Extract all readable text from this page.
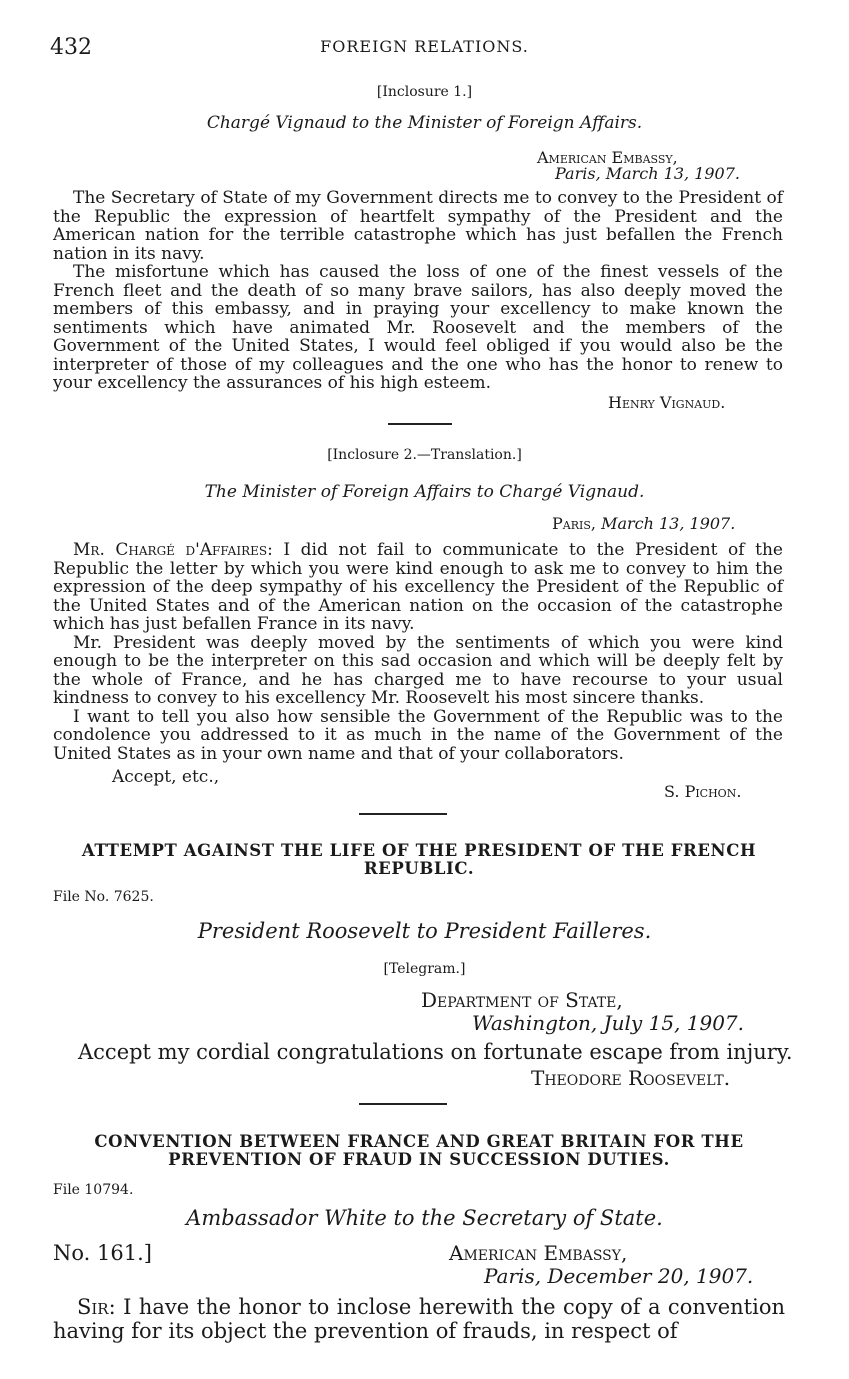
432	FOREIGN RELATIONS.
[Inclosure 1.]
Chargé Vignaud to the Minister of Foreign Affairs.
American Embassy,
Paris, March 13, 1907.

The Secretary of State of my Government directs me to convey to the President of the Republic the expression of heartfelt sympathy of the President and the American nation for the terrible catastrophe which has just befallen the French nation in its navy.

The misfortune which has caused the loss of one of the finest vessels of the French fleet and the death of so many brave sailors, has also deeply moved the members of this embassy, and in praying your excellency to make known the sentiments which have animated Mr. Roosevelt and the members of the Government of the United States, I would feel obliged if you would also be the interpreter of those of my colleagues and the one who has the honor to renew to your excellency the assurances of his high esteem.

Henry Vignaud.
[Inclosure 2.—Translation.]
The Minister of Foreign Affairs to Chargé Vignaud.
Paris, March 13, 1907.

Mr. Chargé d'Affaires: I did not fail to communicate to the President of the Republic the letter by which you were kind enough to ask me to convey to him the expression of the deep sympathy of his excellency the President of the Republic of the United States and of the American nation on the occasion of the catastrophe which has just befallen France in its navy.

Mr. President was deeply moved by the sentiments of which you were kind enough to be the interpreter on this sad occasion and which will be deeply felt by the whole of France, and he has charged me to have recourse to your usual kindness to convey to his excellency Mr. Roosevelt his most sincere thanks.

I want to tell you also how sensible the Government of the Republic was to the condolence you addressed to it as much in the name of the Government of the United States as in your own name and that of your collaborators.

Accept, etc.,
S. Pichon.
ATTEMPT AGAINST THE LIFE OF THE PRESIDENT OF THE FRENCH REPUBLIC.
File No. 7625.
President Roosevelt to President Failleres.
[Telegram.]
Department of State,
Washington, July 15, 1907.
Accept my cordial congratulations on fortunate escape from injury.
Theodore Roosevelt.
CONVENTION BETWEEN FRANCE AND GREAT BRITAIN FOR THE PREVENTION OF FRAUD IN SUCCESSION DUTIES.
File 10794.
Ambassador White to the Secretary of State.
No. 161.]	American Embassy,
Paris, December 20, 1907.
Sir: I have the honor to inclose herewith the copy of a convention having for its object the prevention of frauds, in respect of
